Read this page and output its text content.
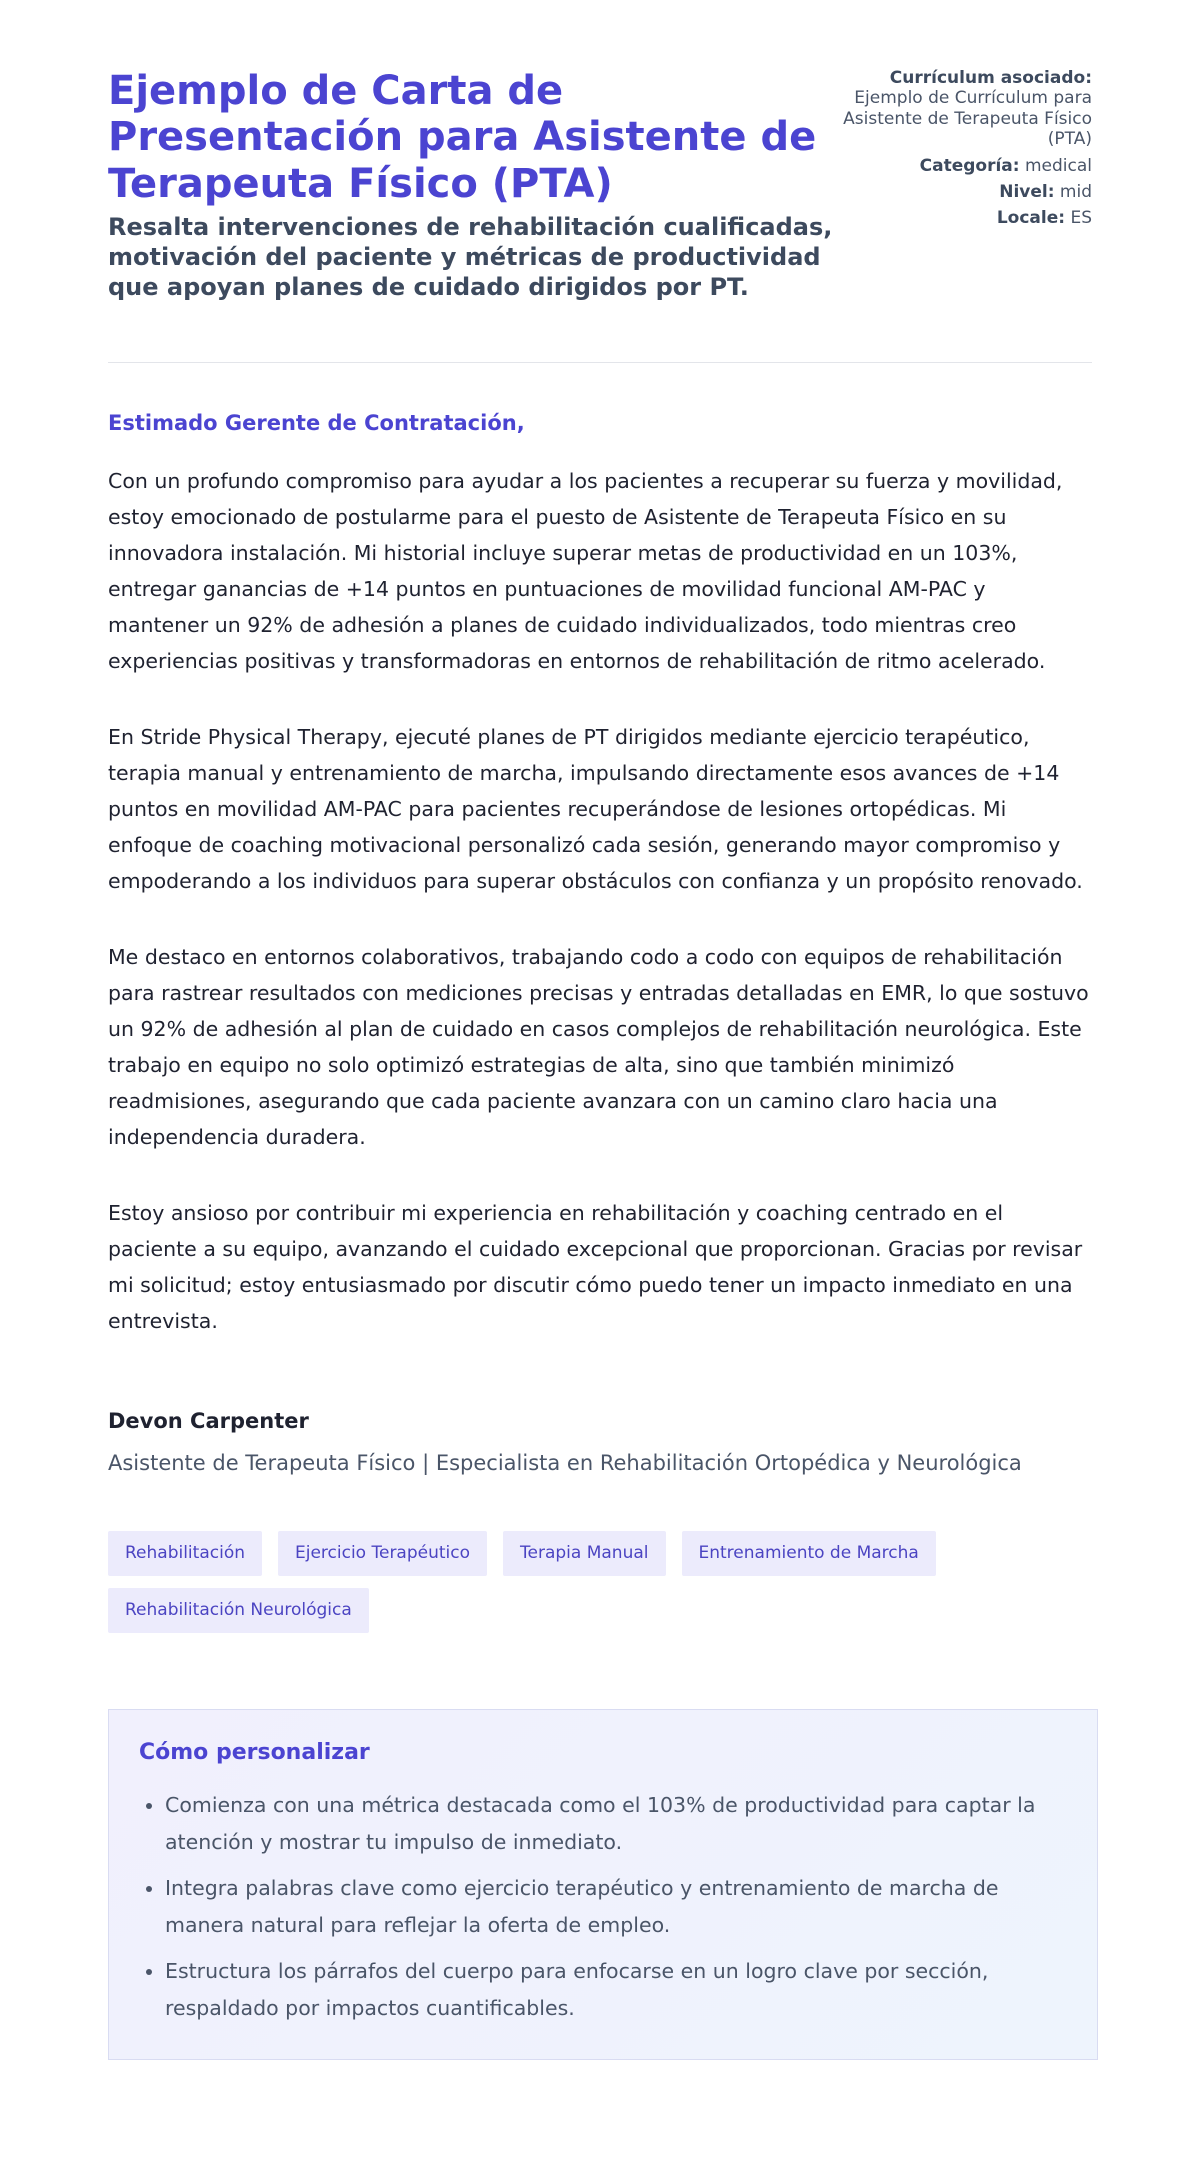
Ejemplo de Carta de Presentación para Asistente de Terapeuta Físico (PTA)
Resalta intervenciones de rehabilitación cualificadas, motivación del paciente y métricas de productividad que apoyan planes de cuidado dirigidos por PT.
Currículum asociado:
Ejemplo de Currículum para Asistente de Terapeuta Físico (PTA)
Categoría: medical
Nivel: mid
Locale: ES

Estimado Gerente de Contratación,

Con un profundo compromiso para ayudar a los pacientes a recuperar su fuerza y movilidad, estoy emocionado de postularme para el puesto de Asistente de Terapeuta Físico en su innovadora instalación. Mi historial incluye superar metas de productividad en un 103%, entregar ganancias de +14 puntos en puntuaciones de movilidad funcional AM-PAC y mantener un 92% de adhesión a planes de cuidado individualizados, todo mientras creo experiencias positivas y transformadoras en entornos de rehabilitación de ritmo acelerado.

En Stride Physical Therapy, ejecuté planes de PT dirigidos mediante ejercicio terapéutico, terapia manual y entrenamiento de marcha, impulsando directamente esos avances de +14 puntos en movilidad AM-PAC para pacientes recuperándose de lesiones ortopédicas. Mi enfoque de coaching motivacional personalizó cada sesión, generando mayor compromiso y empoderando a los individuos para superar obstáculos con confianza y un propósito renovado.

Me destaco en entornos colaborativos, trabajando codo a codo con equipos de rehabilitación para rastrear resultados con mediciones precisas y entradas detalladas en EMR, lo que sostuvo un 92% de adhesión al plan de cuidado en casos complejos de rehabilitación neurológica. Este trabajo en equipo no solo optimizó estrategias de alta, sino que también minimizó readmisiones, asegurando que cada paciente avanzara con un camino claro hacia una independencia duradera.

Estoy ansioso por contribuir mi experiencia en rehabilitación y coaching centrado en el paciente a su equipo, avanzando el cuidado excepcional que proporcionan. Gracias por revisar mi solicitud; estoy entusiasmado por discutir cómo puedo tener un impacto inmediato en una entrevista.

Devon Carpenter

Asistente de Terapeuta Físico | Especialista en Rehabilitación Ortopédica y Neurológica

Rehabilitación	Ejercicio Terapéutico	Terapia Manual	Entrenamiento de Marcha
Rehabilitación Neurológica
Cómo personalizar
• Comienza con una métrica destacada como el 103% de productividad para captar la atención y mostrar tu impulso de inmediato.
• Integra palabras clave como ejercicio terapéutico y entrenamiento de marcha de manera natural para reflejar la oferta de empleo.
• Estructura los párrafos del cuerpo para enfocarse en un logro clave por sección, respaldado por impactos cuantificables.
